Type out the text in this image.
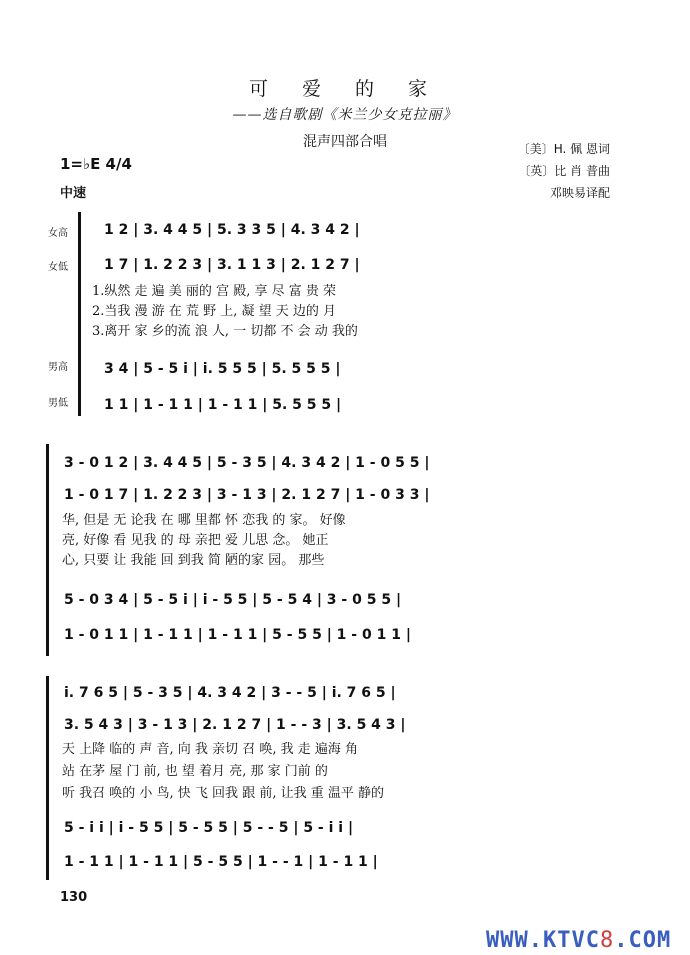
可 爱 的 家
——选自歌剧《米兰少女克拉丽》
混声四部合唱	〔美〕H. 佩 恩词
〔英〕比 肖 普曲
邓映易译配
1=♭E 4/4
中速
女高
女低
男高
男低
1 2 | 3. 4 4 5 | 5. 3 3 5 | 4. 3 4 2 |
1 7 | 1. 2 2 3 | 3. 1 1 3 | 2. 1 2 7 |
1.纵然 走 遍 美 丽的 宫 殿, 享 尽 富 贵 荣
2.当我 漫 游 在 荒 野 上, 凝 望 天 边的 月
3.离开 家 乡的流 浪 人, 一 切都 不 会 动 我的
3 4 | 5 - 5 i | i. 5 5 5 | 5. 5 5 5 |
1 1 | 1 - 1 1 | 1 - 1 1 | 5. 5 5 5 |
3 - 0 1 2 | 3. 4 4 5 | 5 - 3 5 | 4. 3 4 2 | 1 - 0 5 5 |
1 - 0 1 7 | 1. 2 2 3 | 3 - 1 3 | 2. 1 2 7 | 1 - 0 3 3 |
华, 但是 无 论我 在 哪 里都 怀 恋我 的 家。 好像
亮, 好像 看 见我 的 母 亲把 爱 儿思 念。 她正
心, 只要 让 我能 回 到我 简 陋的家 园。 那些
5 - 0 3 4 | 5 - 5 i | i - 5 5 | 5 - 5 4 | 3 - 0 5 5 |
1 - 0 1 1 | 1 - 1 1 | 1 - 1 1 | 5 - 5 5 | 1 - 0 1 1 |
i. 7 6 5 | 5 - 3 5 | 4. 3 4 2 | 3 - - 5 | i. 7 6 5 |
3. 5 4 3 | 3 - 1 3 | 2. 1 2 7 | 1 - - 3 | 3. 5 4 3 |
天 上降 临的 声 音, 向 我 亲切 召 唤, 我 走 遍海 角
站 在茅 屋 门 前, 也 望 着月 亮, 那 家 门前 的
听 我召 唤的 小 鸟, 快 飞 回我 跟 前, 让我 重 温平 静的
5 - i i | i - 5 5 | 5 - 5 5 | 5 - - 5 | 5 - i i |
1 - 1 1 | 1 - 1 1 | 5 - 5 5 | 1 - - 1 | 1 - 1 1 |
130
WWW.KTVC8.COM
